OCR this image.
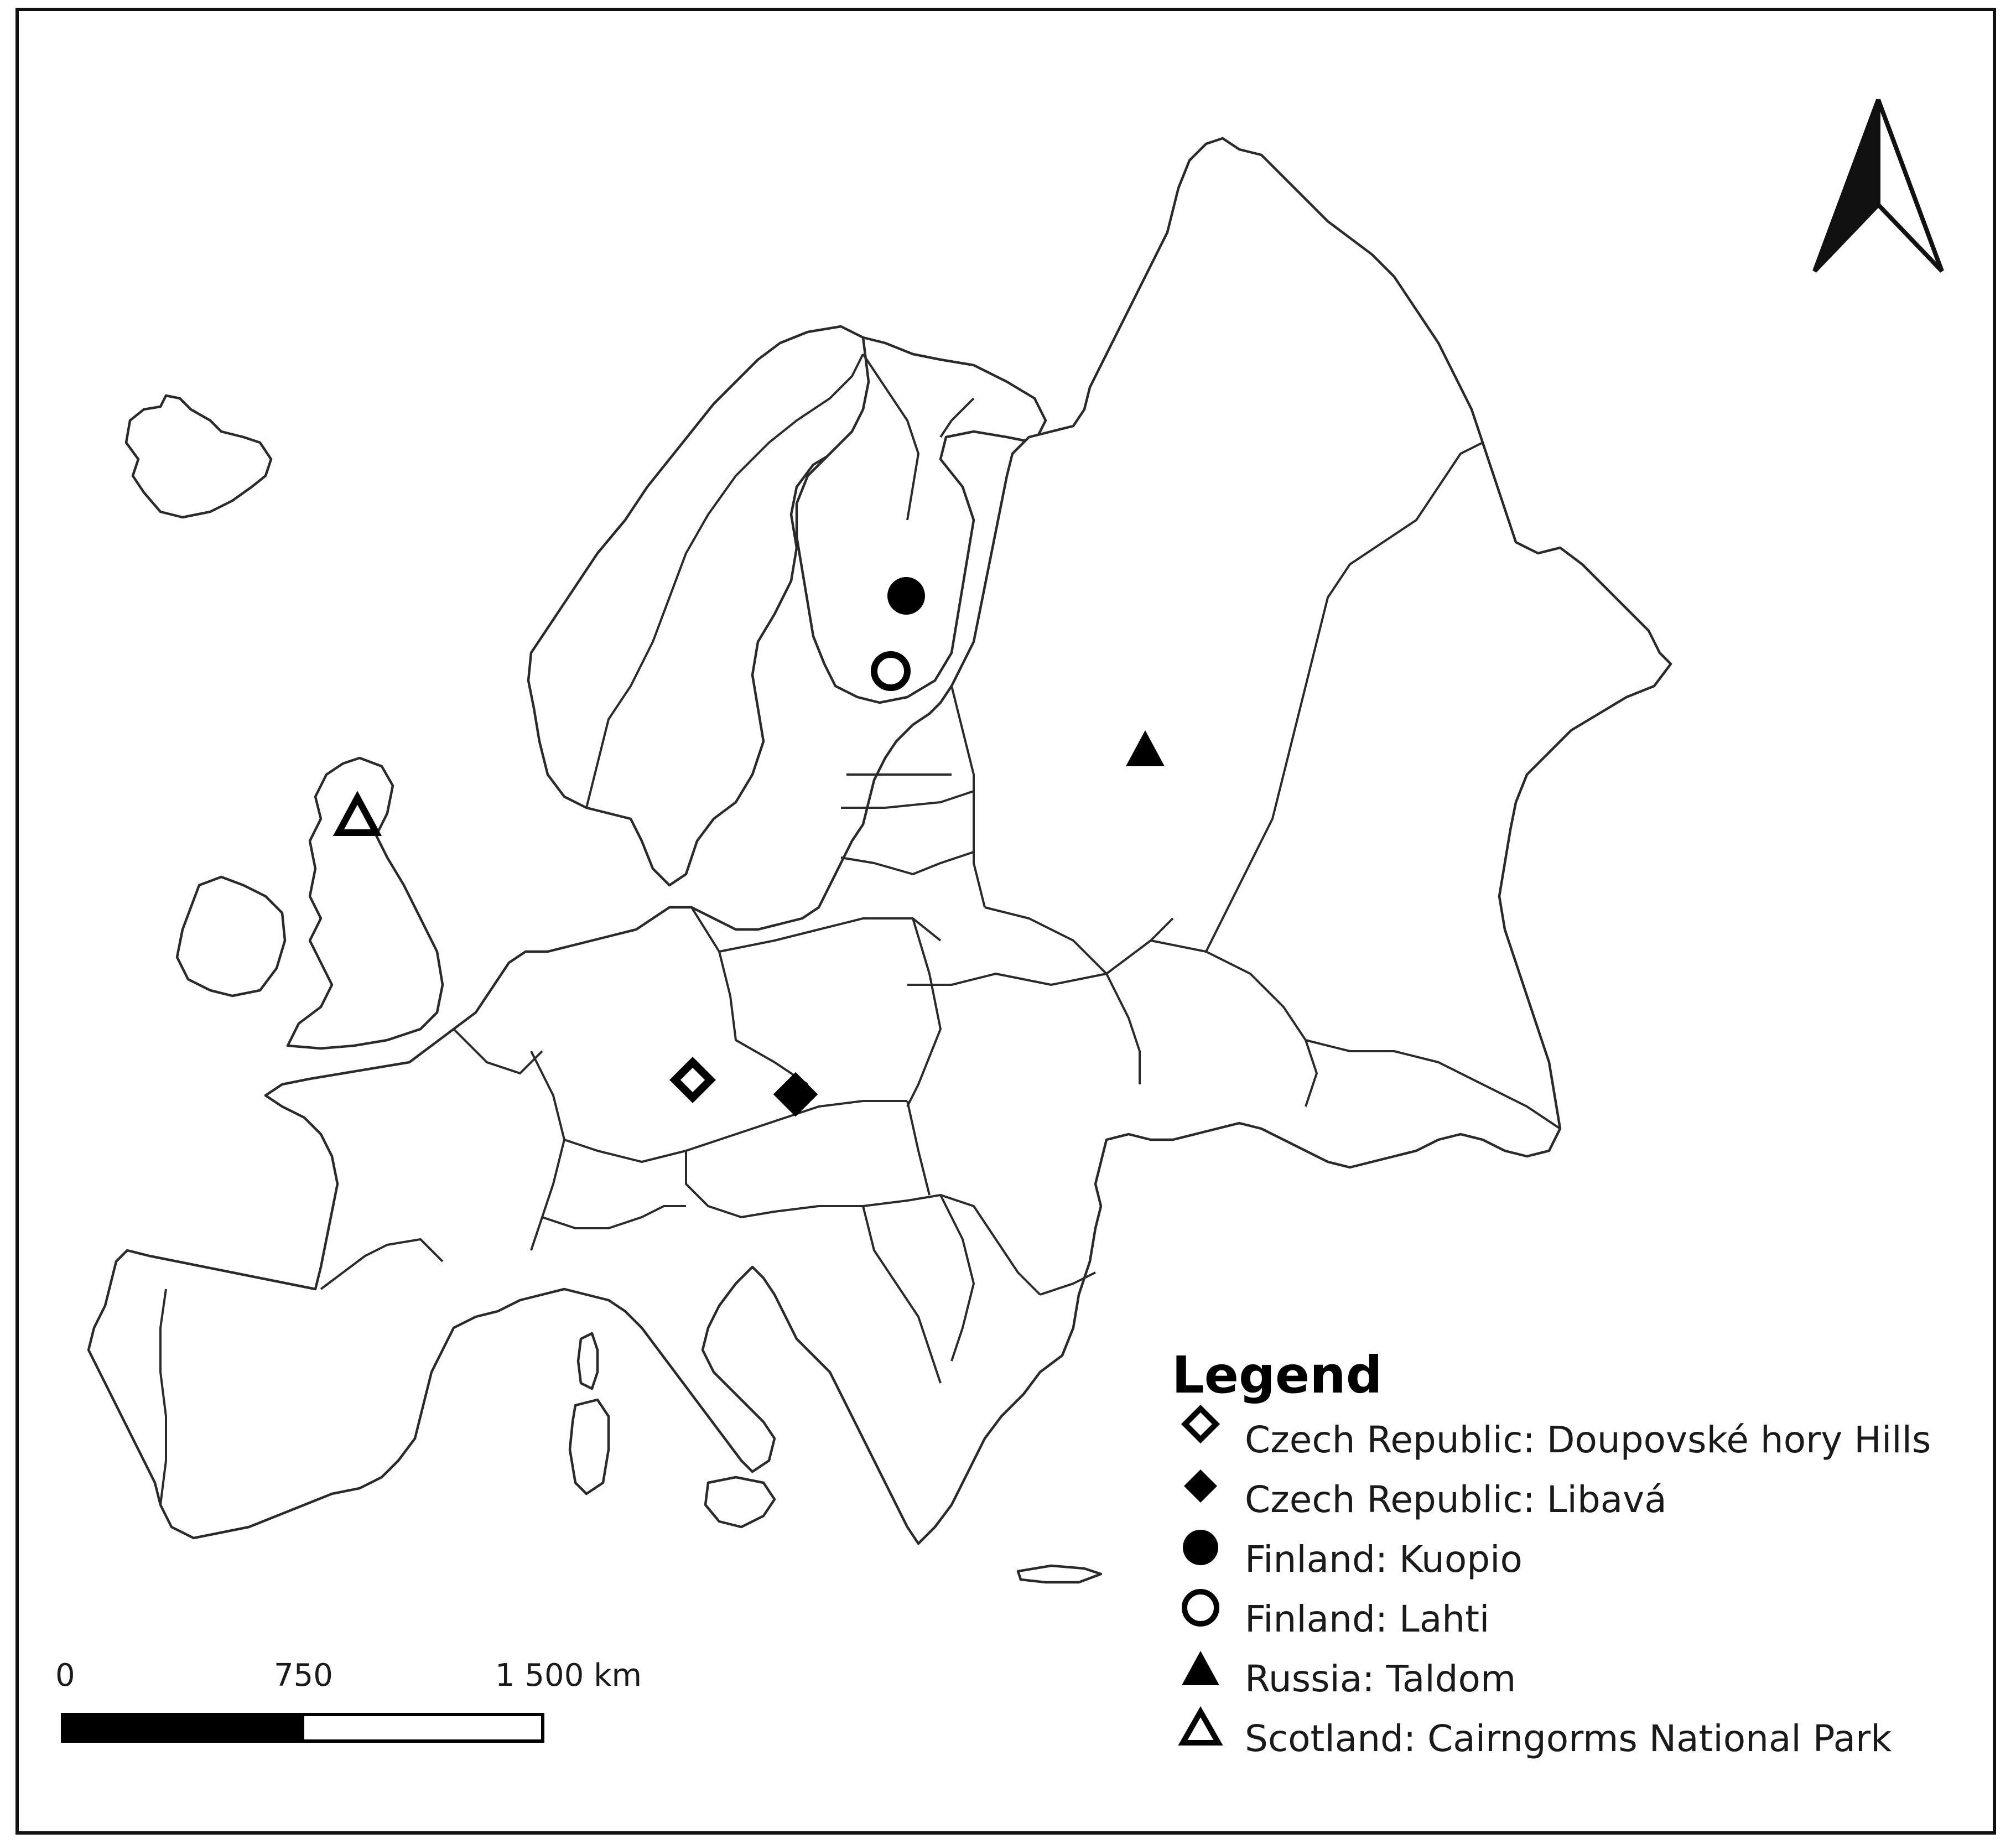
Legend
Czech Republic: Doupovské hory Hills
Czech Republic: Libavá
Finland: Kuopio
Finland: Lahti
Russia: Taldom
Scotland: Cairngorms National Park
0	750	1 500 km
